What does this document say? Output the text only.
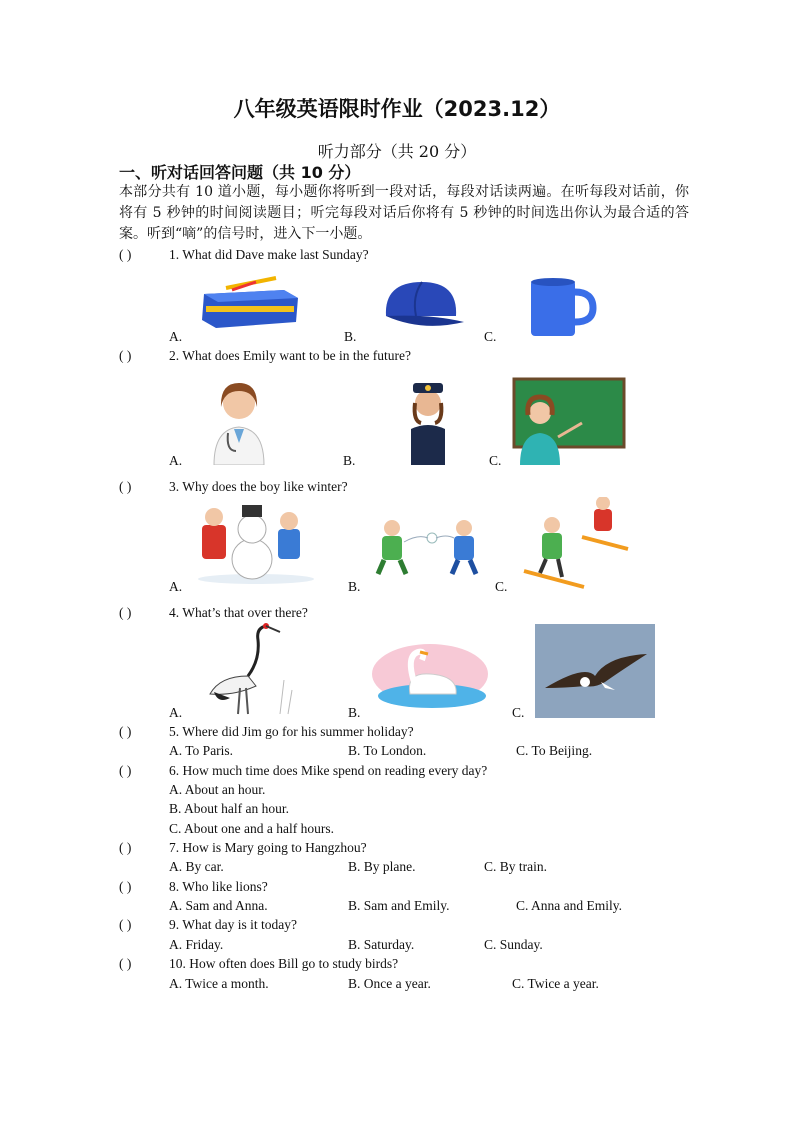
八年级英语限时作业（2023.12）
听力部分（共 20 分）
一、听对话回答问题（共 10 分）
本部分共有 10 道小题，每小题你将听到一段对话，每段对话读两遍。在听每段对话前，你将有 5 秒钟的时间阅读题目；听完每段对话后你将有 5 秒钟的时间选出你认为最合适的答案。听到“嘀”的信号时，进入下一小题。
( )	1. What did Dave make last Sunday?
A.	B.	C.
( )	2. What does Emily want to be in the future?
A.	B.	C.
( )	3. Why does the boy like winter?
A.	B.	C.
( )	4. What’s that over there?
A.	B.	C.
( )	5. Where did Jim go for his summer holiday?
A. To Paris.	B. To London.	C. To Beijing.
( )	6. How much time does Mike spend on reading every day?
A. About an hour.
B. About half an hour.
C. About one and a half hours.
( )	7. How is Mary going to Hangzhou?
A. By car.	B. By plane.	C. By train.
( )	8. Who like lions?
A. Sam and Anna.	B. Sam and Emily.	C. Anna and Emily.
( )	9. What day is it today?
A. Friday.	B. Saturday.	C. Sunday.
( )	10. How often does Bill go to study birds?
A. Twice a month.	B. Once a year.	C. Twice a year.
